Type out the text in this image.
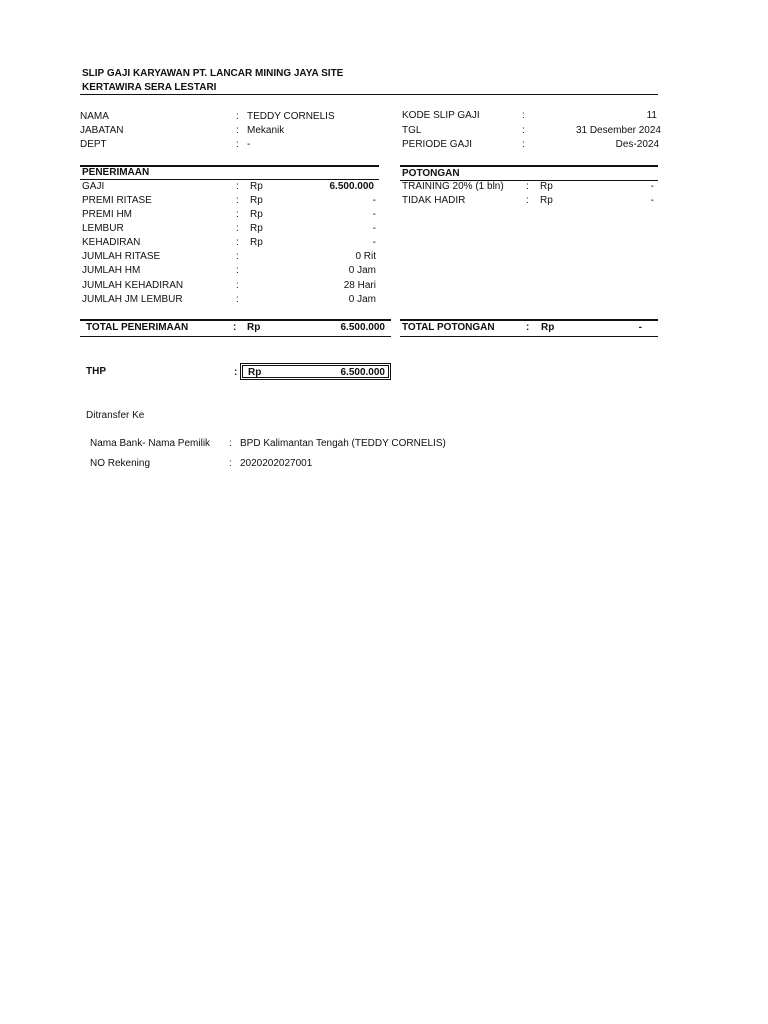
SLIP GAJI KARYAWAN PT. LANCAR MINING JAYA SITE
KERTAWIRA SERA LESTARI
NAMA	: TEDDY CORNELIS
JABATAN	: Mekanik
DEPT	: -
KODE SLIP GAJI	:	11
TGL	:	31 Desember 2024
PERIODE GAJI	:	Des-2024
PENERIMAAN	POTONGAN
GAJI	: Rp	6.500.000
PREMI RITASE	: Rp	-
PREMI HM	: Rp	-
LEMBUR	: Rp	-
KEHADIRAN	: Rp	-
JUMLAH RITASE	:	0 Rit
JUMLAH HM	:	0 Jam
JUMLAH KEHADIRAN	:	28 Hari
JUMLAH JM LEMBUR	:	0 Jam
TRAINING 20% (1 bln) : Rp	-
TIDAK HADIR	: Rp	-
TOTAL PENERIMAAN	: Rp	6.500.000 TOTAL POTONGAN	: Rp	-
THP	: Rp	6.500.000
Ditransfer Ke
Nama Bank- Nama Pemilik : BPD Kalimantan Tengah (TEDDY CORNELIS)
NO Rekening	: 2020202027001
